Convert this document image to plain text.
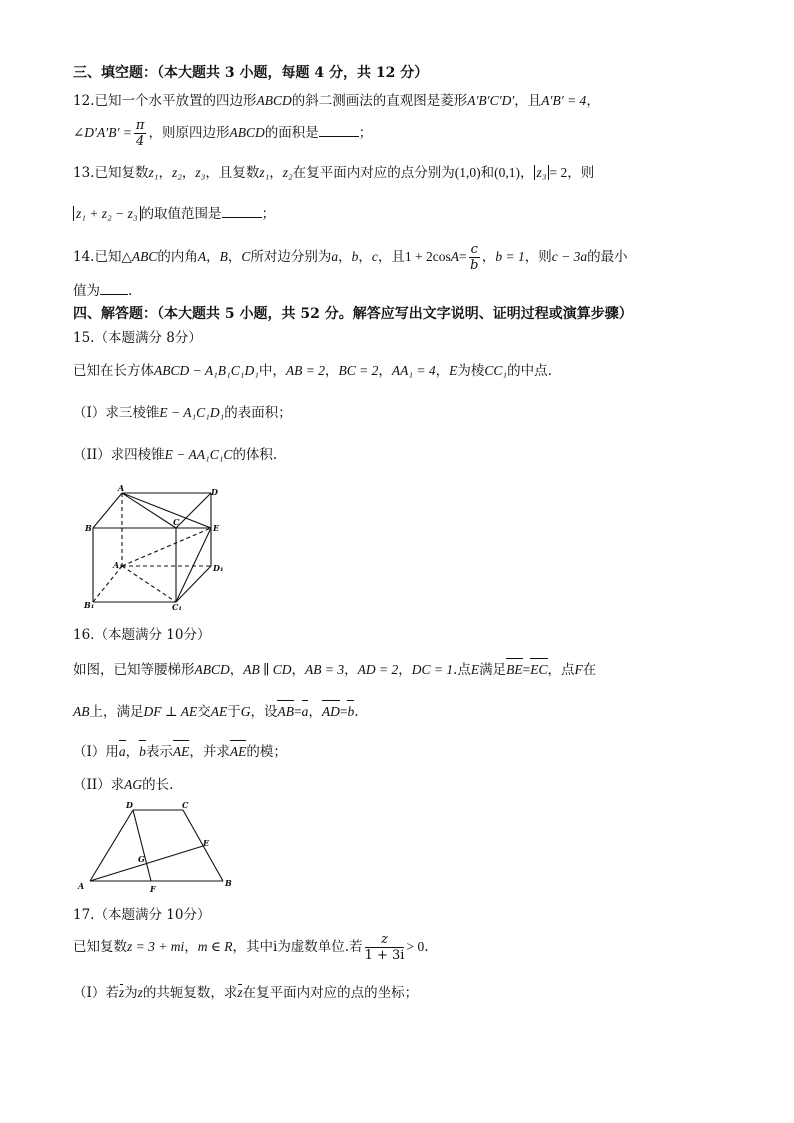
三、填空题：（本大题共 3 小题，每题 4 分，共 12 分）
12.已知一个水平放置的四边形ABCD的斜二测画法的直观图是菱形A′B′C′D′，且A′B′ = 4，
∠D′A′B′ = $\frac{\pi}{4}$ ，则原四边形ABCD的面积是	；
13.已知复数z₁，z₂，z₃，且复数z₁，z₂在复平面内对应的点分别为(1,0)和(0,1)， z₃ = 2，则
z₁ + z₂ − z₃ 的取值范围是	；
14.已知△ABC的内角A，B，C所对边分别为a，b，c，且$1 + 2\cos A= \frac{c}{b}$ ，b = 1，则c − 3a的最小
值为 .
四、解答题：（本大题共 5 小题，共 52 分。解答应写出文字说明、证明过程或演算步骤）
15.（本题满分 8分）
已知在长方体ABCD − A₁B₁C₁D₁中，AB = 2，BC = 2，AA₁ = 4，E为棱CC₁的中点.
（I）求三棱锥E − A₁C₁D₁的表面积；
（II）求四棱锥E − AA₁C₁C的体积.
A	D
B
C
E
A₁	D₁
B₁	C₁
16.（本题满分 10分）
如图，已知等腰梯形ABCD，AB ∥ CD，AB = 3，AD = 2，DC = 1.点E满足BE=EC，点F在
AB上，满足DF ⊥ AE交AE于G，设AB=a，AD=b.
（I）用a，b表示AE，并求AE的模；
（II）求AG的长.
D	C
E
G
A	F
B
17.（本题满分 10分）
已知复数z = 3 + mi，m ∈ R，其中i为虚数单位.若 $\frac{z}{1 + 3i} > 0$.
（I）若z为z的共轭复数，求z在复平面内对应的点的坐标；
